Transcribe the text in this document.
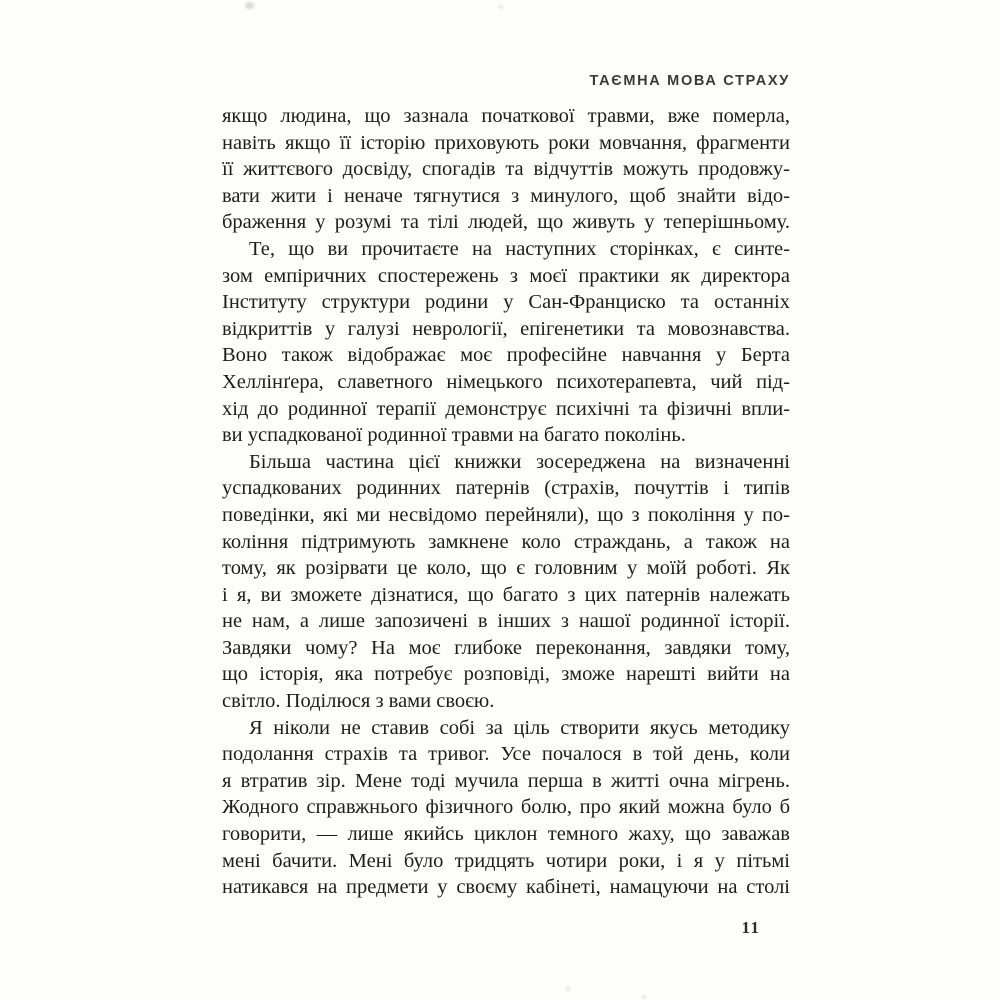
ТАЄМНА МОВА СТРАХУ
якщо людина, що зазнала початкової травми, вже померла,
навіть якщо її історію приховують роки мовчання, фрагменти
її життєвого досвіду, спогадів та відчуттів можуть продовжу-
вати жити і неначе тягнутися з минулого, щоб знайти відо-
браження у розумі та тілі людей, що живуть у теперішньому.
Те, що ви прочитаєте на наступних сторінках, є синте-
зом емпіричних спостережень з моєї практики як директора
Інституту структури родини у Сан-Франциско та останніх
відкриттів у галузі неврології, епігенетики та мовознавства.
Воно також відображає моє професійне навчання у Берта
Хеллінґера, славетного німецького психотерапевта, чий під-
хід до родинної терапії демонструє психічні та фізичні впли-
ви успадкованої родинної травми на багато поколінь.
Більша частина цієї книжки зосереджена на визначенні
успадкованих родинних патернів (страхів, почуттів і типів
поведінки, які ми несвідомо перейняли), що з покоління у по-
коління підтримують замкнене коло страждань, а також на
тому, як розірвати це коло, що є головним у моїй роботі. Як
і я, ви зможете дізнатися, що багато з цих патернів належать
не нам, а лише запозичені в інших з нашої родинної історії.
Завдяки чому? На моє глибоке переконання, завдяки тому,
що історія, яка потребує розповіді, зможе нарешті вийти на
світло. Поділюся з вами своєю.
Я ніколи не ставив собі за ціль створити якусь методику
подолання страхів та тривог. Усе почалося в той день, коли
я втратив зір. Мене тоді мучила перша в житті очна мігрень.
Жодного справжнього фізичного болю, про який можна було б
говорити, — лише якийсь циклон темного жаху, що заважав
мені бачити. Мені було тридцять чотири роки, і я у пітьмі
натикався на предмети у своєму кабінеті, намацуючи на столі
11
